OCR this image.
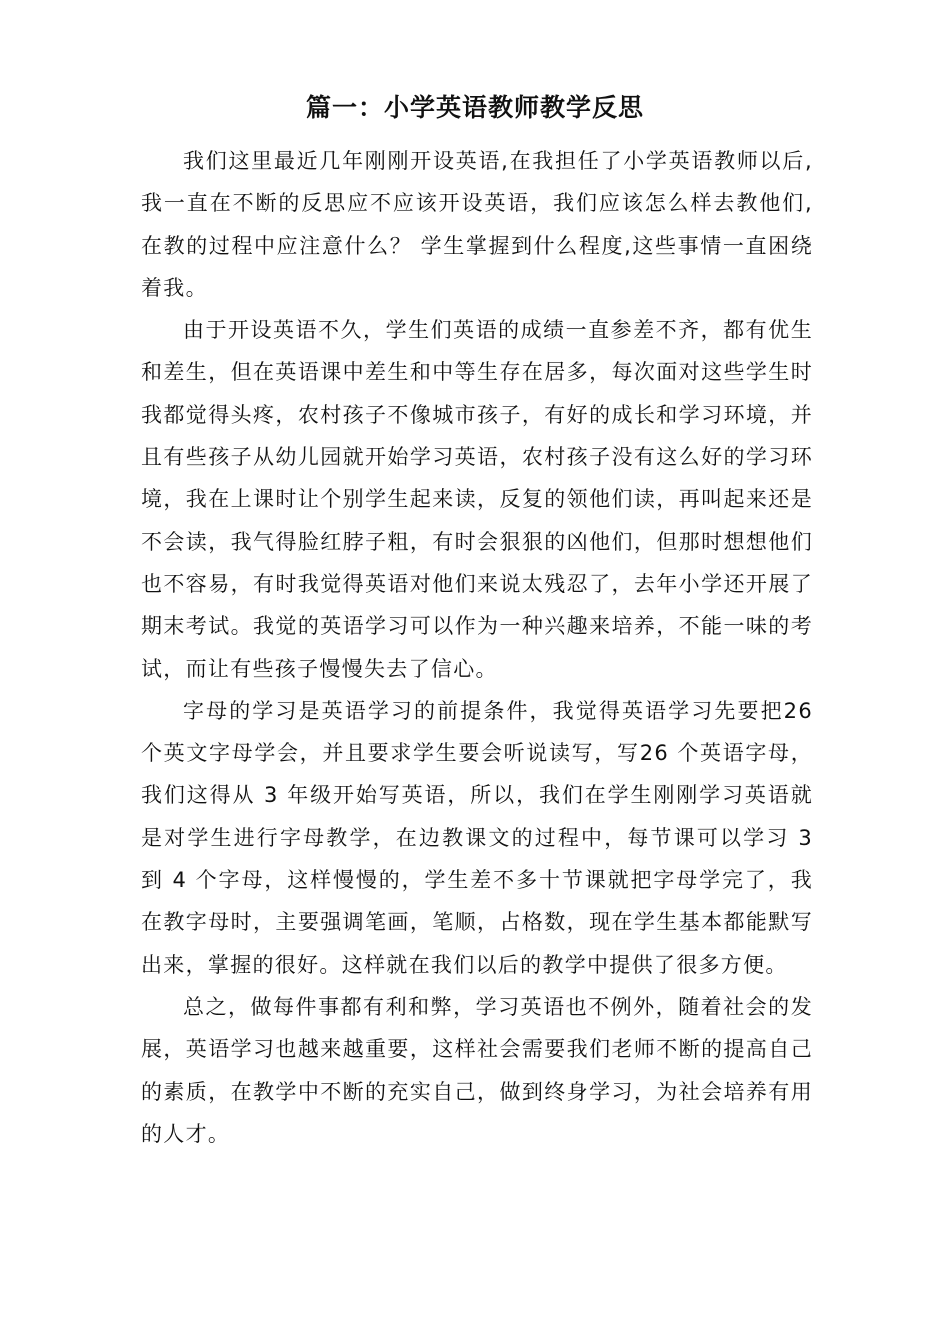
篇一：小学英语教师教学反思

我们这里最近几年刚刚开设英语,在我担任了小学英语教师以后,我一直在不断的反思应不应该开设英语，我们应该怎么样去教他们,在教的过程中应注意什么？ 学生掌握到什么程度,这些事情一直困绕着我。

由于开设英语不久，学生们英语的成绩一直参差不齐，都有优生和差生，但在英语课中差生和中等生存在居多，每次面对这些学生时我都觉得头疼，农村孩子不像城市孩子，有好的成长和学习环境，并且有些孩子从幼儿园就开始学习英语，农村孩子没有这么好的学习环境，我在上课时让个别学生起来读，反复的领他们读，再叫起来还是不会读，我气得脸红脖子粗，有时会狠狠的凶他们，但那时想想他们也不容易，有时我觉得英语对他们来说太残忍了，去年小学还开展了期末考试。我觉的英语学习可以作为一种兴趣来培养，不能一味的考试，而让有些孩子慢慢失去了信心。

字母的学习是英语学习的前提条件，我觉得英语学习先要把26 个英文字母学会，并且要求学生要会听说读写，写26 个英语字母，我们这得从 3 年级开始写英语，所以，我们在学生刚刚学习英语就是对学生进行字母教学，在边教课文的过程中，每节课可以学习 3 到 4 个字母，这样慢慢的，学生差不多十节课就把字母学完了，我在教字母时，主要强调笔画，笔顺，占格数，现在学生基本都能默写出来，掌握的很好。这样就在我们以后的教学中提供了很多方便。

总之，做每件事都有利和弊，学习英语也不例外，随着社会的发展，英语学习也越来越重要，这样社会需要我们老师不断的提高自己的素质，在教学中不断的充实自己，做到终身学习，为社会培养有用的人才。
